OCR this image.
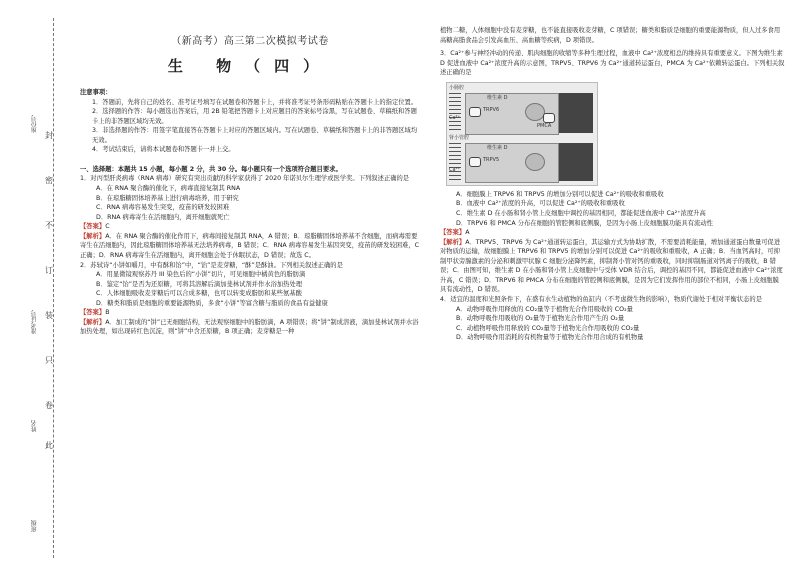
封
密
不
订
装
只
卷
此
座位号
准考证号
姓名
班级
（新高考）高三第二次模拟考试卷
生 物（四）

注意事项：

1．答题前，先将自己的姓名、准考证号填写在试题卷和答题卡上，并将准考证号条形码粘贴在答题卡上的指定位置。

2．选择题的作答：每小题选出答案后，用 2B 铅笔把答题卡上对应题目的答案标号涂黑，写在试题卷、草稿纸和答题卡上的非答题区域均无效。

3．非选择题的作答：用签字笔直接答在答题卡上对应的答题区域内。写在试题卷、草稿纸和答题卡上的非答题区域均无效。

4．考试结束后，请将本试题卷和答题卡一并上交。

一、选择题：本题共 15 小题，每小题 2 分，共 30 分。每小题只有一个选项符合题目要求。

1．对丙型肝炎病毒（RNA 病毒）研究有突出贡献的科学家获得了 2020 年诺贝尔生理学或医学奖。下列叙述正确的是

A．在 RNA 聚合酶的催化下，病毒直接复制其 RNA

B．在琼脂糖固体培养基上进行病毒培养，用于研究

C．RNA 病毒容易发生突变，疫苗的研发较困难

D．RNA 病毒寄生在活细胞内，离开细胞就死亡

【答案】C

【解析】A．在 RNA 聚合酶的催化作用下，病毒间接复制其 RNA，A 错误；B．琼脂糖固体培养基不含细胞，而病毒需要寄生在活细胞内，因此琼脂糖固体培养基无法培养病毒，B 错误；C．RNA 病毒容易发生基因突变，疫苗的研发较困难，C 正确；D．RNA 病毒寄生在活细胞内，离开细胞会处于休眠状态，D 错误；故选 C。

2．苏轼诗“小饼如嚼月，中有酥和饴”中，“饴”是麦芽糖，“酥”是酥油。下列相关叙述正确的是

A．用显微镜观察苏丹 III 染色后的“小饼”切片，可见细胞中橘黄色的脂肪滴

B．鉴定“饴”是否为还原糖，可将其溶解后滴加斐林试剂并作水浴加热处理

C．人体细胞吸收麦芽糖后可以合成多糖，也可以转变成脂肪和某些氨基酸

D．糖类和脂质是细胞的重要能源物质，多食“小饼”等富含糖与脂质的食品有益健康

【答案】B

【解析】A．加工制成的“饼”已无细胞结构，无法观察细胞中的脂肪滴，A 项错误；将“饼”制成溶液，滴加斐林试剂并水浴加热处理，如出现砖红色沉淀，则“饼”中含还原糖，B 项正确；麦芽糖是一种

植物二糖，人体细胞中没有麦芽糖，也不能直接吸收麦芽糖，C 项错误；糖类和脂质是细胞的重要能源物质，但人过多食用高糖高脂食品会引发高血压、高血糖等疾病，D 项错误。

3．Ca²⁺参与神经冲动的传递、肌肉细胞的收缩等多种生理过程，血液中 Ca²⁺浓度相总的维持具有重要意义。下图为维生素 D 促进血液中 Ca²⁺浓度升高的示意图，TRPV5、TRPV6 为 Ca²⁺通道转运蛋白，PMCA 为 Ca²⁺依赖转运蛋白。下列相关叙述正确的是

小肠腔
维生素 D
TRPV6
PMCA
Ca²⁺
肾小管腔
维生素 D
TRPV5
Ca²⁺

A．细胞膜上 TRPV6 和 TRPV5 的增加分别可以促进 Ca²⁺的吸收和重吸收

B．血液中 Ca²⁺浓度的升高，可以促进 Ca²⁺的吸收和重吸收

C．维生素 D 在小肠和肾小管上皮细胞中调控的基因相同，都能促进血液中 Ca²⁺浓度升高

D．TRPV6 和 PMCA 分布在细胞的管腔侧和底侧膜，是因为小肠上皮细胞膜功能具有流动性

【答案】A

【解析】A．TRPV5、TRPV6 为 Ca²⁺通道转运蛋白，其运输方式为协助扩散，不需要消耗能量，增加通道蛋白数量可促进对物质的运输，故细胞膜上 TRPV6 和 TRPV5 的增加分别可以促进 Ca²⁺的吸收和重吸收，A 正确；B．当血钙高时，可抑制甲状旁腺激素的分泌和刺激甲状腺 C 细胞分泌降钙素，抑制肾小管对钙的重吸收，同时抑制肠道对钙离子的吸收，B 错误；C．由图可知，维生素 D 在小肠和肾小管上皮细胞中与受体 VDR 结合后，调控的基因不同，都能促进血液中 Ca²⁺浓度升高，C 错误；D．TRPV6 和 PMCA 分布在细胞的管腔侧和底侧膜，是因为它们发挥作用的部位不相同，小肠上皮细胞膜具有流动性，D 错误。

4．适宜的温度和光照条件下，在盛有水生动植物的鱼缸内（不考虑微生物的影响），物质代谢处于相对平衡状态的是

A．动物呼吸作用释放的 CO₂量等于植物光合作用吸收的 CO₂量

B．动物呼吸作用吸收的 O₂量等于植物光合作用产生的 O₂量

C．动植物呼吸作用释放的 CO₂量等于植物光合作用吸收的 CO₂量

D．动物呼吸作用消耗的有机物量等于植物光合作用合成的有机物量
